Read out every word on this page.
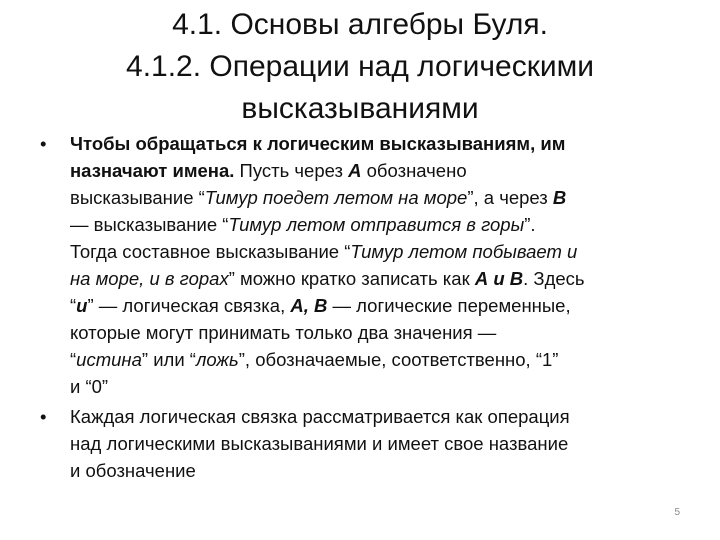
4.1. Основы алгебры Буля.
4.1.2. Операции над логическими
высказываниями
•	Чтобы обращаться к логическим высказываниям, им
назначают имена. Пусть через А обозначено
высказывание “Тимур поедет летом на море”, а через В
— высказывание “Тимур летом отправится в горы”.
Тогда составное высказывание “Тимур летом побывает и
на море, и в горах” можно кратко записать как А и В. Здесь
“и” — логическая связка, А, В — логические переменные,
которые могут принимать только два значения —
“истина” или “ложь”, обозначаемые, соответственно, “1”
и “0”
•	Каждая логическая связка рассматривается как операция
над логическими высказываниями и имеет свое название
и обозначение
5
